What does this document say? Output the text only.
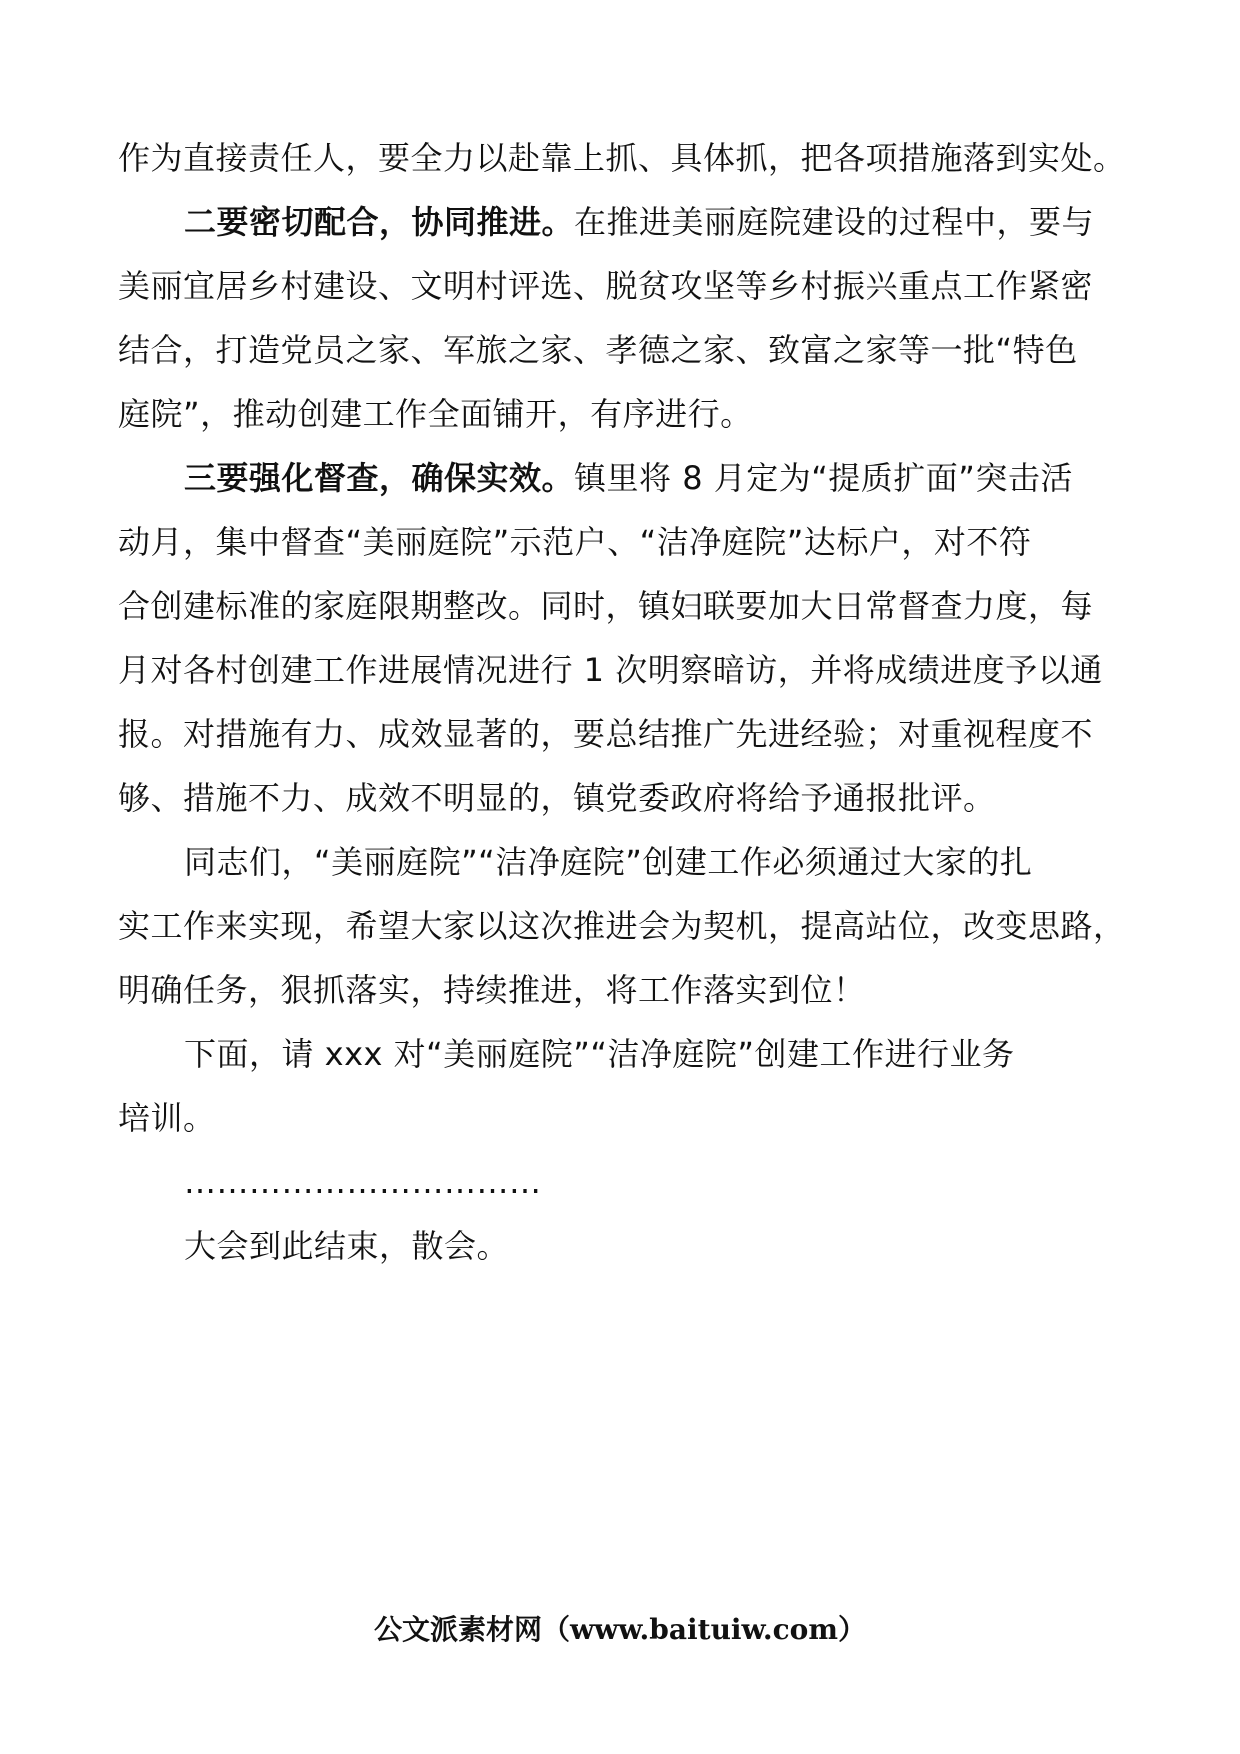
作为直接责任人，要全力以赴靠上抓、具体抓，把各项措施落到实处。
二要密切配合，协同推进。在推进美丽庭院建设的过程中，要与
美丽宜居乡村建设、文明村评选、脱贫攻坚等乡村振兴重点工作紧密
结合，打造党员之家、军旅之家、孝德之家、致富之家等一批“特色
庭院”，推动创建工作全面铺开，有序进行。
三要强化督查，确保实效。镇里将 8 月定为“提质扩面”突击活
动月，集中督查“美丽庭院”示范户、“洁净庭院”达标户，对不符
合创建标准的家庭限期整改。同时，镇妇联要加大日常督查力度，每
月对各村创建工作进展情况进行 1 次明察暗访，并将成绩进度予以通
报。对措施有力、成效显著的，要总结推广先进经验；对重视程度不
够、措施不力、成效不明显的，镇党委政府将给予通报批评。
同志们，“美丽庭院”“洁净庭院”创建工作必须通过大家的扎
实工作来实现，希望大家以这次推进会为契机，提高站位，改变思路，
明确任务，狠抓落实，持续推进，将工作落实到位！
下面，请 xxx 对“美丽庭院”“洁净庭院”创建工作进行业务
培训。
……………………………
大会到此结束，散会。
公文派素材网（www.baituiw.com）
